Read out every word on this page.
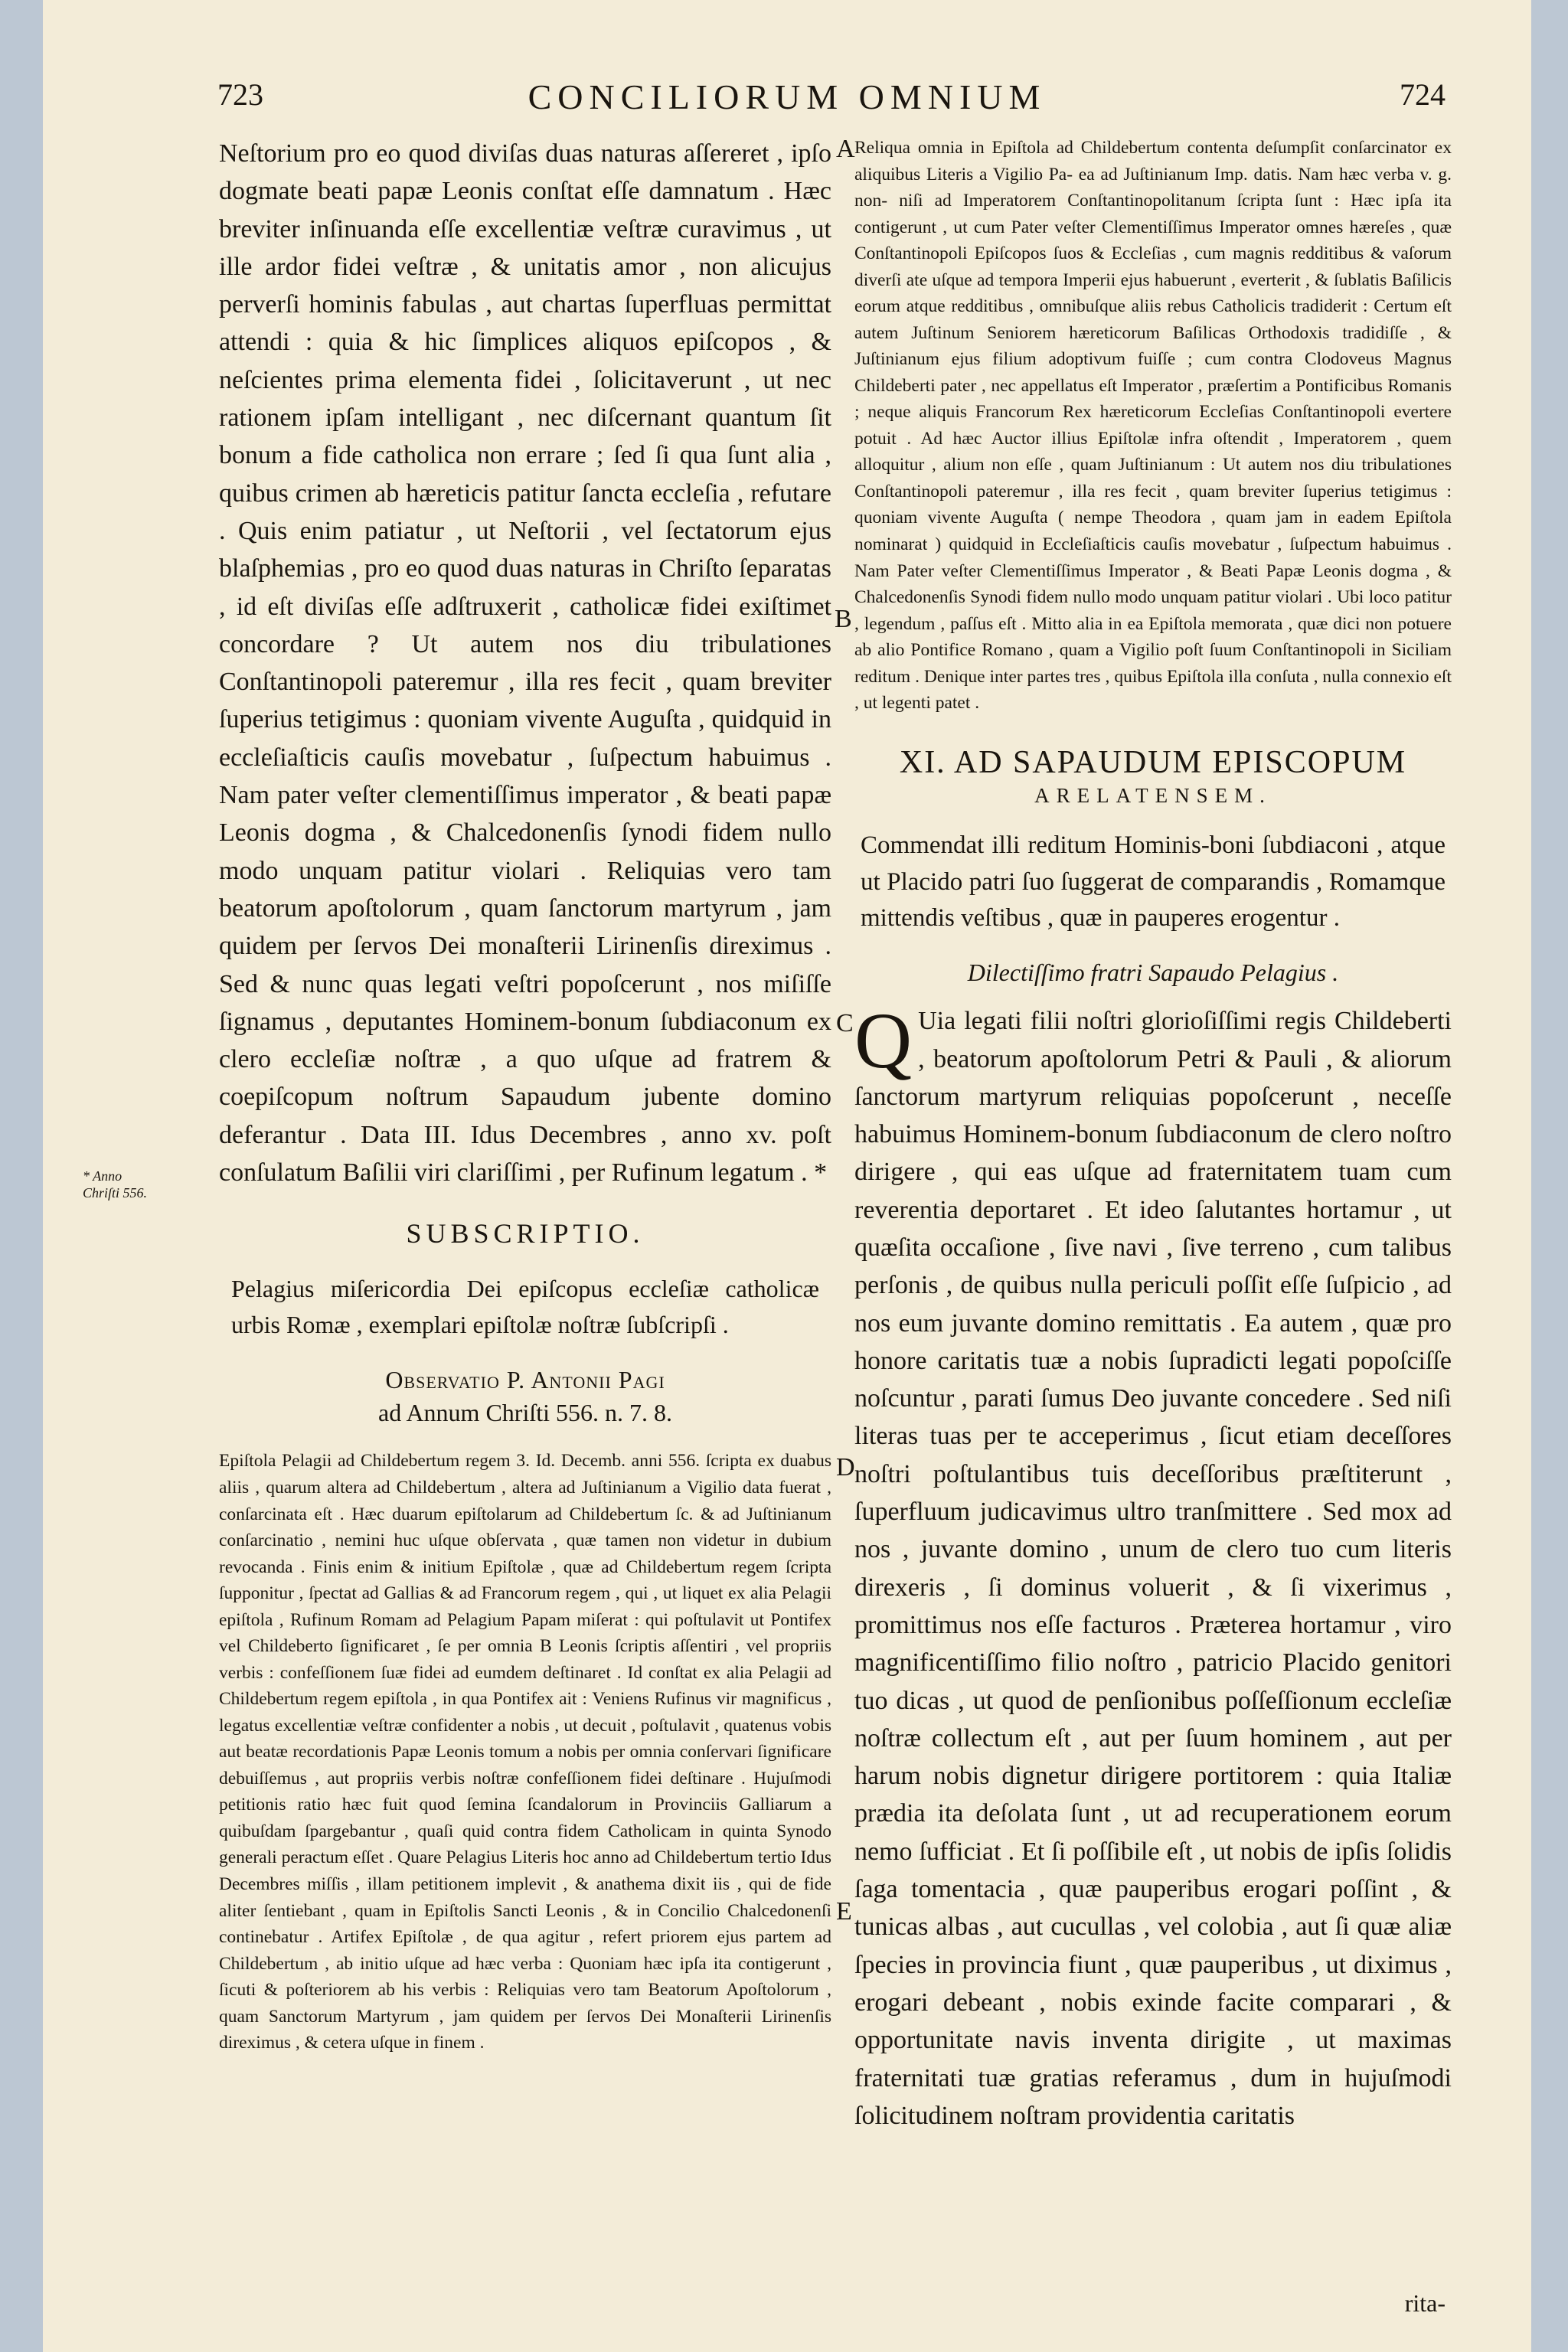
723	CONCILIORUM OMNIUM	724

Neſtorium pro eo quod diviſas duas naturas aſſereret , ipſo dogmate beati papæ Leonis conſtat eſſe damnatum . Hæc breviter inſinuanda eſſe excellentiæ veſtræ curavimus , ut ille ardor fidei veſtræ , & unitatis amor , non alicujus perverſi hominis fabulas , aut chartas ſuperfluas permittat attendi : quia & hic ſimplices aliquos epiſcopos , & neſcientes prima elementa fidei , ſolicitaverunt , ut nec rationem ipſam intelligant , nec diſcernant quantum ſit bonum a fide catholica non errare ; ſed ſi qua ſunt alia , quibus crimen ab hæreticis patitur ſancta eccleſia , refutare . Quis enim patiatur , ut Neſtorii , vel ſectatorum ejus blaſphemias , pro eo quod duas naturas in Chriſto ſeparatas , id eſt diviſas eſſe adſtruxerit , catholicæ fidei exiſtimet concordare ? Ut autem nos diu tribulationes Conſtantinopoli pateremur , illa res fecit , quam breviter ſuperius tetigimus : quoniam vivente Auguſta , quidquid in eccleſiaſticis cauſis movebatur , ſuſpectum habuimus . Nam pater veſter clementiſſimus imperator , & beati papæ Leonis dogma , & Chalcedonenſis ſynodi fidem nullo modo unquam patitur violari . Reliquias vero tam beatorum apoſtolorum , quam ſanctorum martyrum , jam quidem per ſervos Dei monaſterii Lirinenſis direximus . Sed & nunc quas legati veſtri popoſcerunt , nos miſiſſe ſignamus , deputantes Hominem-bonum ſubdiaconum ex clero eccleſiæ noſtræ , a quo uſque ad fratrem & coepiſcopum noſtrum Sapaudum jubente domino deferantur . Data III. Idus Decembres , anno xv. poſt conſulatum Baſilii viri clariſſimi , per Rufinum legatum . *

SUBSCRIPTIO.

Pelagius miſericordia Dei epiſcopus eccleſiæ catholicæ urbis Romæ , exemplari epiſtolæ noſtræ ſubſcripſi .

Observatio P. Antonii Pagi
ad Annum Chriſti 556. n. 7. 8.

Epiſtola Pelagii ad Childebertum regem 3. Id. Decemb. anni 556. ſcripta ex duabus aliis , quarum altera ad Childebertum , altera ad Juſtinianum a Vigilio data fuerat , conſarcinata eſt . Hæc duarum epiſtolarum ad Childebertum ſc. & ad Juſtinianum conſarcinatio , nemini huc uſque obſervata , quæ tamen non videtur in dubium revocanda . Finis enim & initium Epiſtolæ , quæ ad Childebertum regem ſcripta ſupponitur , ſpectat ad Gallias & ad Francorum regem , qui , ut liquet ex alia Pelagii epiſtola , Rufinum Romam ad Pelagium Papam miſerat : qui poſtulavit ut Pontifex vel Childeberto ſignificaret , ſe per omnia B Leonis ſcriptis aſſentiri , vel propriis verbis : confeſſionem ſuæ fidei ad eumdem deſtinaret . Id conſtat ex alia Pelagii ad Childebertum regem epiſtola , in qua Pontifex ait : Veniens Rufinus vir magnificus , legatus excellentiæ veſtræ confidenter a nobis , ut decuit , poſtulavit , quatenus vobis aut beatæ recordationis Papæ Leonis tomum a nobis per omnia conſervari ſignificare debuiſſemus , aut propriis verbis noſtræ confeſſionem fidei deſtinare . Hujuſmodi petitionis ratio hæc fuit quod ſemina ſcandalorum in Provinciis Galliarum a quibuſdam ſpargebantur , quaſi quid contra fidem Catholicam in quinta Synodo generali peractum eſſet . Quare Pelagius Literis hoc anno ad Childebertum tertio Idus Decembres miſſis , illam petitionem implevit , & anathema dixit iis , qui de fide aliter ſentiebant , quam in Epiſtolis Sancti Leonis , & in Concilio Chalcedonenſi continebatur . Artifex Epiſtolæ , de qua agitur , refert priorem ejus partem ad Childebertum , ab initio uſque ad hæc verba : Quoniam hæc ipſa ita contigerunt , ſicuti & poſteriorem ab his verbis : Reliquias vero tam Beatorum Apoſtolorum , quam Sanctorum Martyrum , jam quidem per ſervos Dei Monaſterii Lirinenſis direximus , & cetera uſque in finem .

Reliqua omnia in Epiſtola ad Childebertum contenta deſumpſit conſarcinator ex aliquibus Literis a Vigilio Pa- ea ad Juſtinianum Imp. datis. Nam hæc verba v. g. non- niſi ad Imperatorem Conſtantinopolitanum ſcripta ſunt : Hæc ipſa ita contigerunt , ut cum Pater veſter Clementiſſimus Imperator omnes hæreſes , quæ Conſtantinopoli Epiſcopos ſuos & Eccleſias , cum magnis redditibus & vaſorum diverſi ate uſque ad tempora Imperii ejus habuerunt , everterit , & ſublatis Baſilicis eorum atque redditibus , omnibuſque aliis rebus Catholicis tradiderit : Certum eſt autem Juſtinum Seniorem hæreticorum Baſilicas Orthodoxis tradidiſſe , & Juſtinianum ejus filium adoptivum fuiſſe ; cum contra Clodoveus Magnus Childeberti pater , nec appellatus eſt Imperator , præſertim a Pontificibus Romanis ; neque aliquis Francorum Rex hæreticorum Eccleſias Conſtantinopoli evertere potuit . Ad hæc Auctor illius Epiſtolæ infra oſtendit , Imperatorem , quem alloquitur , alium non eſſe , quam Juſtinianum : Ut autem nos diu tribulationes Conſtantinopoli pateremur , illa res fecit , quam breviter ſuperius tetigimus : quoniam vivente Auguſta ( nempe Theodora , quam jam in eadem Epiſtola nominarat ) quidquid in Eccleſiaſticis cauſis movebatur , ſuſpectum habuimus . Nam Pater veſter Clementiſſimus Imperator , & Beati Papæ Leonis dogma , & Chalcedonenſis Synodi fidem nullo modo unquam patitur violari . Ubi loco patitur , legendum , paſſus eſt . Mitto alia in ea Epiſtola memorata , quæ dici non potuere ab alio Pontifice Romano , quam a Vigilio poſt ſuum Conſtantinopoli in Siciliam reditum . Denique inter partes tres , quibus Epiſtola illa conſuta , nulla connexio eſt , ut legenti patet .

XI. AD SAPAUDUM EPISCOPUM
ARELATENSEM.

Commendat illi reditum Hominis-boni ſubdiaconi , atque ut Placido patri ſuo ſuggerat de comparandis , Romamque mittendis veſtibus , quæ in pauperes erogentur .

Dilectiſſimo fratri Sapaudo Pelagius .

Q Uia legati filii noſtri glorioſiſſimi regis Childeberti , beatorum apoſtolorum Petri & Pauli , & aliorum ſanctorum martyrum reliquias popoſcerunt , neceſſe habuimus Hominem-bonum ſubdiaconum de clero noſtro dirigere , qui eas uſque ad fraternitatem tuam cum reverentia deportaret . Et ideo ſalutantes hortamur , ut quæſita occaſione , ſive navi , ſive terreno , cum talibus perſonis , de quibus nulla periculi poſſit eſſe ſuſpicio , ad nos eum juvante domino remittatis . Ea autem , quæ pro honore caritatis tuæ a nobis ſupradicti legati popoſciſſe noſcuntur , parati ſumus Deo juvante concedere . Sed niſi literas tuas per te acceperimus , ſicut etiam deceſſores noſtri poſtulantibus tuis deceſſoribus præſtiterunt , ſuperfluum judicavimus ultro tranſmittere . Sed mox ad nos , juvante domino , unum de clero tuo cum literis direxeris , ſi dominus voluerit , & ſi vixerimus , promittimus nos eſſe facturos . Præterea hortamur , viro magnificentiſſimo filio noſtro , patricio Placido genitori tuo dicas , ut quod de penſionibus poſſeſſionum eccleſiæ noſtræ collectum eſt , aut per ſuum hominem , aut per harum nobis dignetur dirigere portitorem : quia Italiæ prædia ita deſolata ſunt , ut ad recuperationem eorum nemo ſufficiat . Et ſi poſſibile eſt , ut nobis de ipſis ſolidis ſaga tomentacia , quæ pauperibus erogari poſſint , & tunicas albas , aut cucullas , vel colobia , aut ſi quæ aliæ ſpecies in provincia fiunt , quæ pauperibus , ut diximus , erogari debeant , nobis exinde facite comparari , & opportunitate navis inventa dirigite , ut maximas fraternitati tuæ gratias referamus , dum in hujuſmodi ſolicitudinem noſtram providentia caritatis

A
B
C
D
E
* Anno Chriſti 556.
rita-
